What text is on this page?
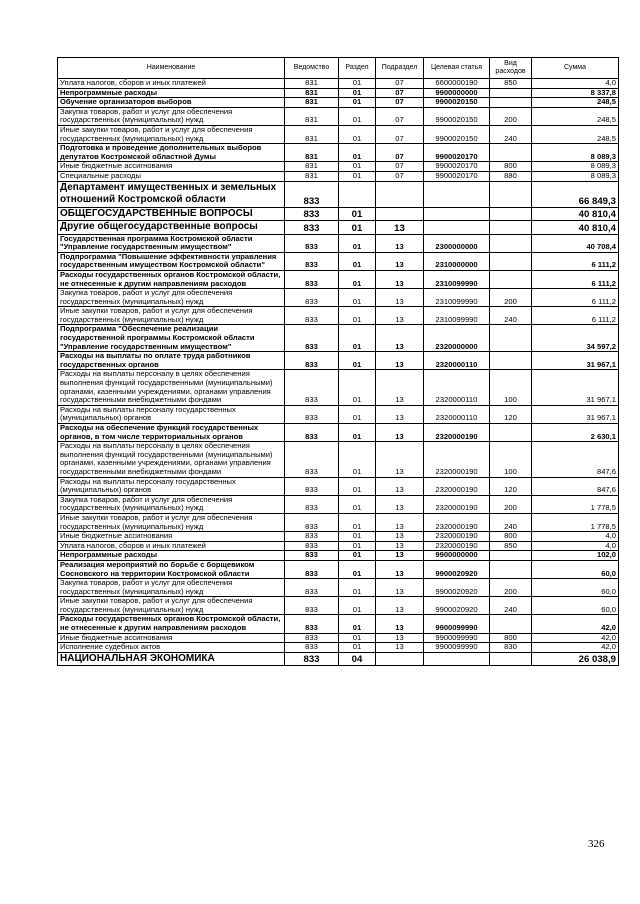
Наименование	Ведомство	Раздел	Подраздел	Целевая статья	Вид расходов	Сумма
Уплата налогов, сборов и иных платежей	831	01	07	6600000190	850	4,0
Непрограммные расходы	831	01	07	9900000000		8 337,8
Обучение организаторов выборов	831	01	07	9900020150		248,5
Закупка товаров, работ и услуг для обеспечения государственных (муниципальных) нужд	831	01	07	9900020150	200	248,5
Иные закупки товаров, работ и услуг для обеспечения государственных (муниципальных) нужд	831	01	07	9900020150	240	248,5
Подготовка и проведение дополнительных выборов депутатов Костромской областной Думы	831	01	07	9900020170		8 089,3
Иные бюджетные ассигнования	831	01	07	9900020170	800	8 089,3
Специальные расходы	831	01	07	9900020170	880	8 089,3
Департамент имущественных и земельных отношений Костромской области	833					66 849,3
ОБЩЕГОСУДАРСТВЕННЫЕ ВОПРОСЫ	833	01				40 810,4
Другие общегосударственные вопросы	833	01	13			40 810,4
Государственная программа Костромской области "Управление государственным имуществом"	833	01	13	2300000000		40 708,4
Подпрограмма "Повышение эффективности управления государственным имуществом Костромской области"	833	01	13	2310000000		6 111,2
Расходы государственных органов Костромской области, не отнесенные к другим направлениям расходов	833	01	13	2310099990		6 111,2
Закупка товаров, работ и услуг для обеспечения государственных (муниципальных) нужд	833	01	13	2310099990	200	6 111,2
Иные закупки товаров, работ и услуг для обеспечения государственных (муниципальных) нужд	833	01	13	2310099990	240	6 111,2
Подпрограмма "Обеспечение реализации государственной программы Костромской области "Управление государственным имуществом"	833	01	13	2320000000		34 597,2
Расходы на выплаты по оплате труда работников государственных органов	833	01	13	2320000110		31 967,1
Расходы на выплаты персоналу в целях обеспечения выполнения функций государственными (муниципальными) органами, казенными учреждениями, органами управления государственными внебюджетными фондами	833	01	13	2320000110	100	31 967,1
Расходы на выплаты персоналу государственных (муниципальных) органов	833	01	13	2320000110	120	31 967,1
Расходы на обеспечение функций государственных органов, в том числе территориальных органов	833	01	13	2320000190		2 630,1
Расходы на выплаты персоналу в целях обеспечения выполнения функций государственными (муниципальными) органами, казенными учреждениями, органами управления государственными внебюджетными фондами	833	01	13	2320000190	100	847,6
Расходы на выплаты персоналу государственных (муниципальных) органов	833	01	13	2320000190	120	847,6
Закупка товаров, работ и услуг для обеспечения государственных (муниципальных) нужд	833	01	13	2320000190	200	1 778,5
Иные закупки товаров, работ и услуг для обеспечения государственных (муниципальных) нужд	833	01	13	2320000190	240	1 778,5
Иные бюджетные ассигнования	833	01	13	2320000190	800	4,0
Уплата налогов, сборов и иных платежей	833	01	13	2320000190	850	4,0
Непрограммные расходы	833	01	13	9900000000		102,0
Реализация мероприятий по борьбе с борщевиком Сосновского на территории Костромской области	833	01	13	9900020920		60,0
Закупка товаров, работ и услуг для обеспечения государственных (муниципальных) нужд	833	01	13	9900020920	200	60,0
Иные закупки товаров, работ и услуг для обеспечения государственных (муниципальных) нужд	833	01	13	9900020920	240	60,0
Расходы государственных органов Костромской области, не отнесенные к другим направлениям расходов	833	01	13	9900099990		42,0
Иные бюджетные ассигнования	833	01	13	9900099990	800	42,0
Исполнение судебных актов	833	01	13	9900099990	830	42,0
НАЦИОНАЛЬНАЯ ЭКОНОМИКА	833	04				26 038,9
326
